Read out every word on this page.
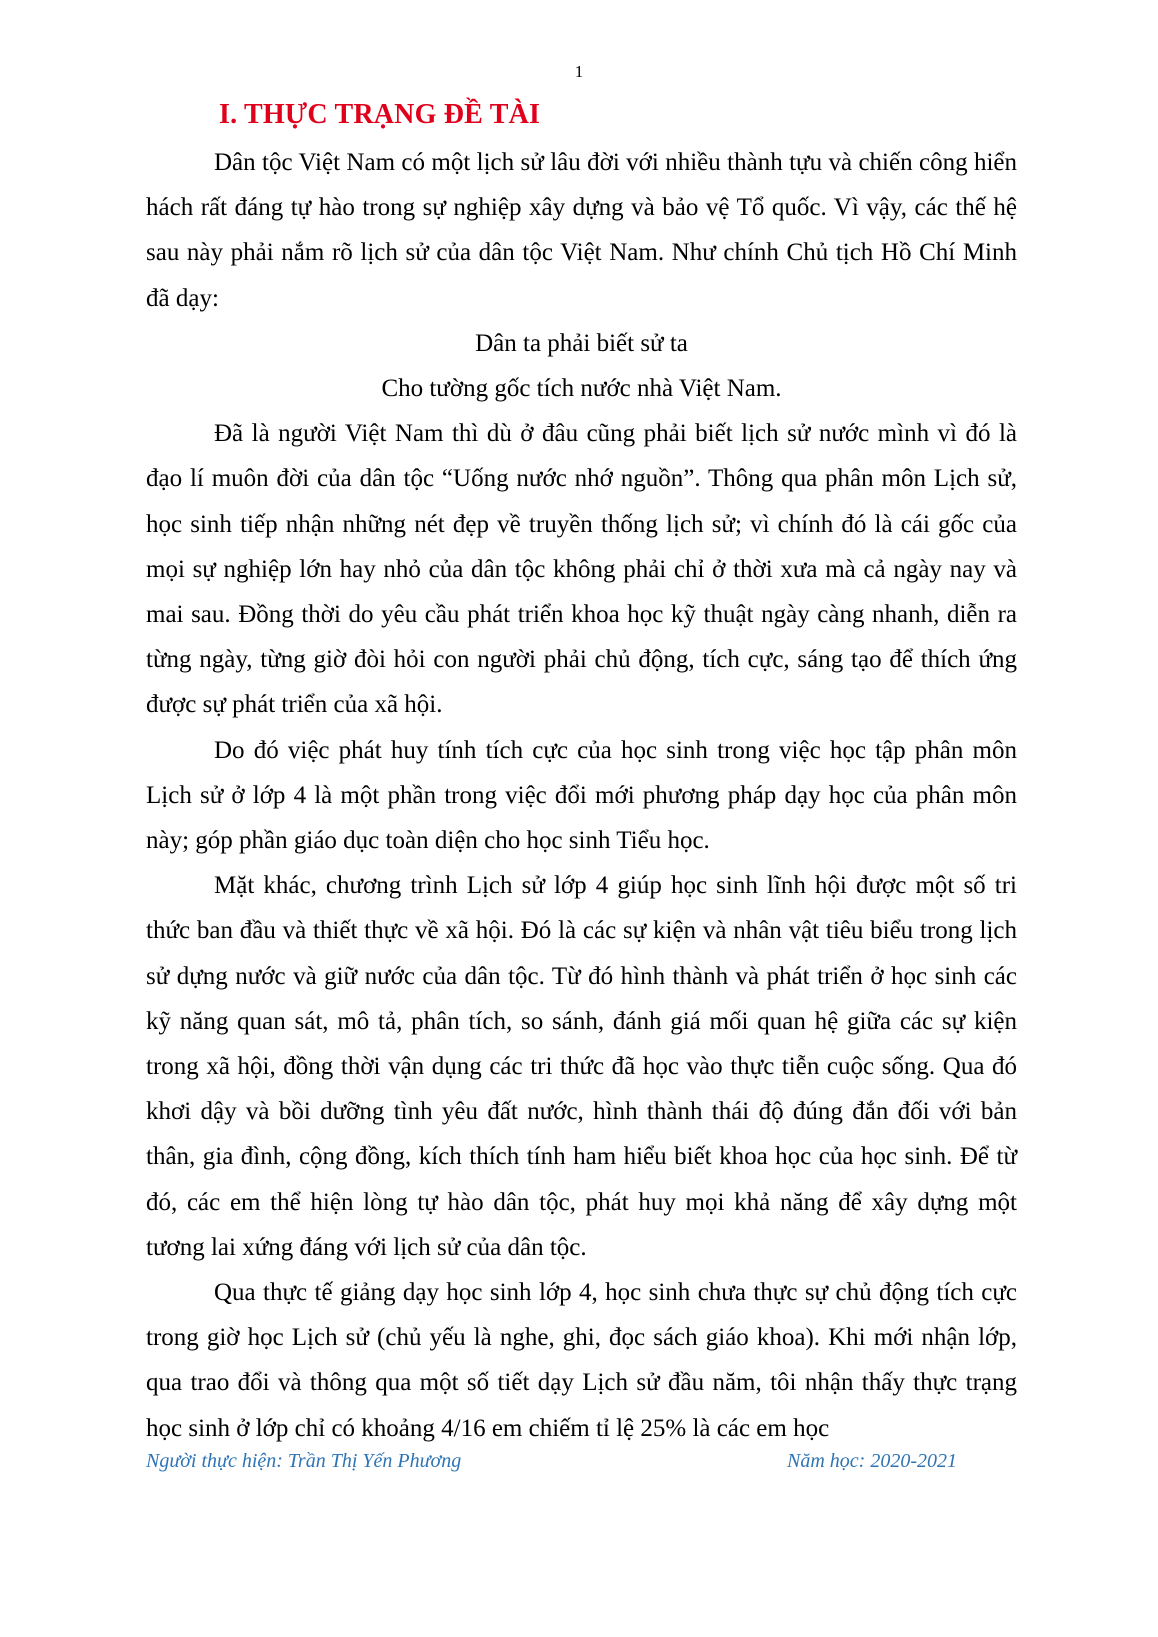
1
I. THỰC TRẠNG ĐỀ TÀI

Dân tộc Việt Nam có một lịch sử lâu đời với nhiều thành tựu và chiến công hiển hách rất đáng tự hào trong sự nghiệp xây dựng và bảo vệ Tổ quốc. Vì vậy, các thế hệ sau này phải nắm rõ lịch sử của dân tộc Việt Nam. Như chính Chủ tịch Hồ Chí Minh đã dạy:

Dân ta phải biết sử ta

Cho tường gốc tích nước nhà Việt Nam.

Đã là người Việt Nam thì dù ở đâu cũng phải biết lịch sử nước mình vì đó là đạo lí muôn đời của dân tộc “Uống nước nhớ nguồn”. Thông qua phân môn Lịch sử, học sinh tiếp nhận những nét đẹp về truyền thống lịch sử; vì chính đó là cái gốc của mọi sự nghiệp lớn hay nhỏ của dân tộc không phải chỉ ở thời xưa mà cả ngày nay và mai sau. Đồng thời do yêu cầu phát triển khoa học kỹ thuật ngày càng nhanh, diễn ra từng ngày, từng giờ đòi hỏi con người phải chủ động, tích cực, sáng tạo để thích ứng được sự phát triển của xã hội.

Do đó việc phát huy tính tích cực của học sinh trong việc học tập phân môn Lịch sử ở lớp 4 là một phần trong việc đổi mới phương pháp dạy học của phân môn này; góp phần giáo dục toàn diện cho học sinh Tiểu học.

Mặt khác, chương trình Lịch sử lớp 4 giúp học sinh lĩnh hội được một số tri thức ban đầu và thiết thực về xã hội. Đó là các sự kiện và nhân vật tiêu biểu trong lịch sử dựng nước và giữ nước của dân tộc. Từ đó hình thành và phát triển ở học sinh các kỹ năng quan sát, mô tả, phân tích, so sánh, đánh giá mối quan hệ giữa các sự kiện trong xã hội, đồng thời vận dụng các tri thức đã học vào thực tiễn cuộc sống. Qua đó khơi dậy và bồi dưỡng tình yêu đất nước, hình thành thái độ đúng đắn đối với bản thân, gia đình, cộng đồng, kích thích tính ham hiểu biết khoa học của học sinh. Để từ đó, các em thể hiện lòng tự hào dân tộc, phát huy mọi khả năng để xây dựng một tương lai xứng đáng với lịch sử của dân tộc.

Qua thực tế giảng dạy học sinh lớp 4, học sinh chưa thực sự chủ động tích cực trong giờ học Lịch sử (chủ yếu là nghe, ghi, đọc sách giáo khoa). Khi mới nhận lớp, qua trao đổi và thông qua một số tiết dạy Lịch sử đầu năm, tôi nhận thấy thực trạng học sinh ở lớp chỉ có khoảng 4/16 em chiếm tỉ lệ 25% là các em học

Người thực hiện: Trần Thị Yến Phương	Năm học: 2020-2021
